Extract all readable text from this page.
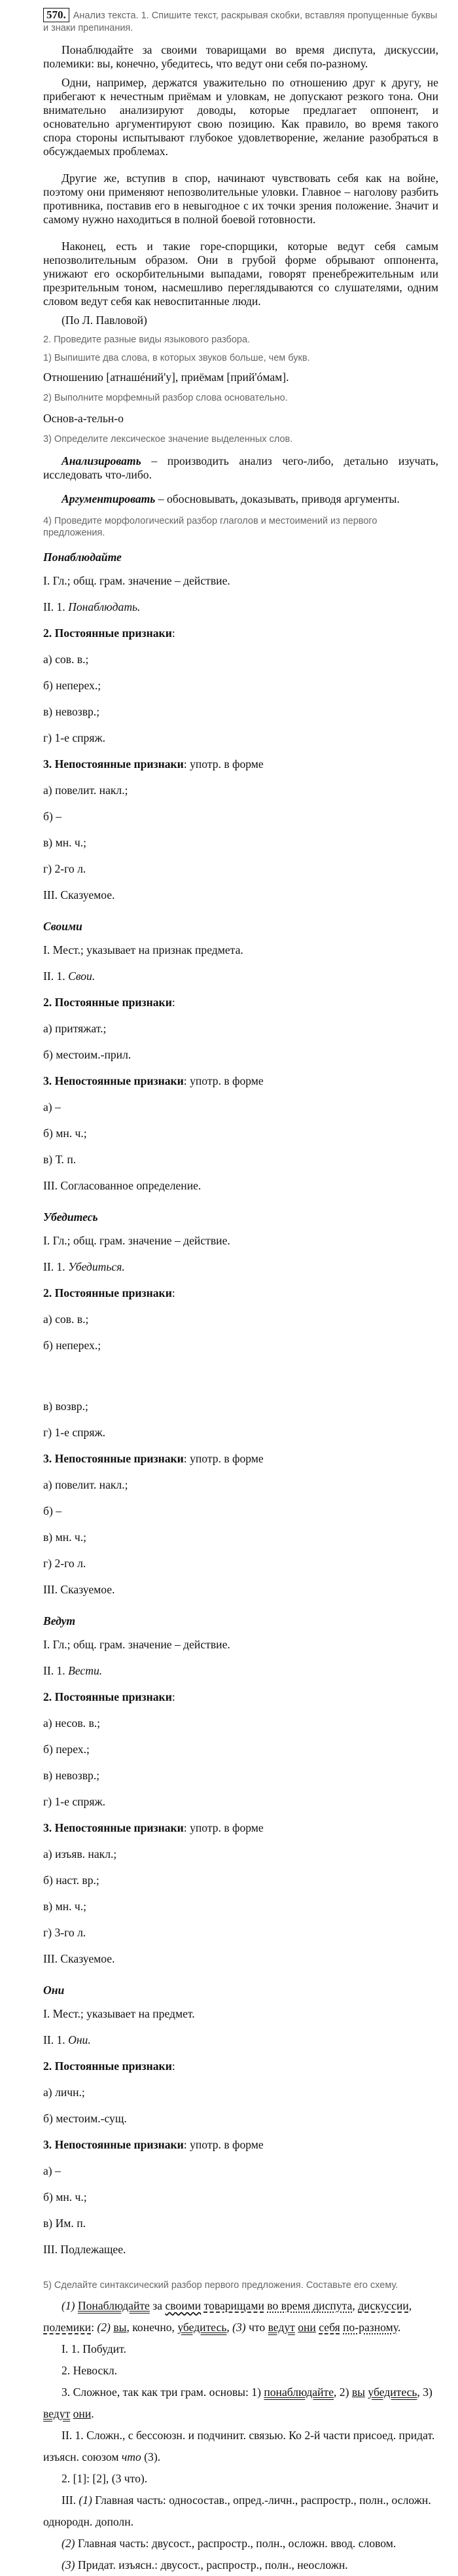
570. Анализ текста. 1. Спишите текст, раскрывая скобки, вставляя пропущенные буквы и знаки препинания.

Понаблюдайте за своими товарищами во время диспута, дискуссии, полемики: вы, конечно, убедитесь, что ведут они себя по-разному.

Одни, например, держатся уважительно по отношению друг к другу, не прибегают к нечестным приёмам и уловкам, не допускают резкого тона. Они внимательно анализируют доводы, которые предлагает оппонент, и основательно аргументируют свою позицию. Как правило, во время такого спора стороны испытывают глубокое удовлетворение, желание разобраться в обсуждаемых проблемах.

Другие же, вступив в спор, начинают чувствовать себя как на войне, поэтому они применяют непозволительные уловки. Главное – наголову разбить противника, поставив его в невыгодное с их точки зрения положение. Значит и самому нужно находиться в полной боевой готовности.

Наконец, есть и такие горе-спорщики, которые ведут себя самым непозволительным образом. Они в грубой форме обрывают оппонента, унижают его оскорбительными выпадами, говорят пренебрежительным или презрительным тоном, насмешливо переглядываются со слушателями, одним словом ведут себя как невоспитанные люди.

(По Л. Павловой)

2. Проведите разные виды языкового разбора.

1) Выпишите два слова, в которых звуков больше, чем букв.

Отношению [атнашéний'у], приёмам [прий'óмам].

2) Выполните морфемный разбор слова основательно.

Основ-а-тельн-о

3) Определите лексическое значение выделенных слов.

Анализировать – производить анализ чего-либо, детально изучать, исследовать что-либо.

Аргументировать – обосновывать, доказывать, приводя аргументы.

4) Проведите морфологический разбор глаголов и местоимений из первого предложения.

Понаблюдайте

I. Гл.; общ. грам. значение – действие.

II. 1. Понаблюдать.

2. Постоянные признаки:

а) сов. в.;

б) неперех.;

в) невозвр.;

г) 1-е спряж.

3. Непостоянные признаки: употр. в форме

а) повелит. накл.;

б) –

в) мн. ч.;

г) 2-го л.

III. Сказуемое.

Своими

I. Мест.; указывает на признак предмета.

II. 1. Свои.

2. Постоянные признаки:

а) притяжат.;

б) местоим.-прил.

3. Непостоянные признаки: употр. в форме

а) –

б) мн. ч.;

в) Т. п.

III. Согласованное определение.

Убедитесь

I. Гл.; общ. грам. значение – действие.

II. 1. Убедиться.

2. Постоянные признаки:

а) сов. в.;

б) неперех.;

в) возвр.;

г) 1-е спряж.

3. Непостоянные признаки: употр. в форме

а) повелит. накл.;

б) –

в) мн. ч.;

г) 2-го л.

III. Сказуемое.

Ведут

I. Гл.; общ. грам. значение – действие.

II. 1. Вести.

2. Постоянные признаки:

а) несов. в.;

б) перех.;

в) невозвр.;

г) 1-е спряж.

3. Непостоянные признаки: употр. в форме

а) изъяв. накл.;

б) наст. вр.;

в) мн. ч.;

г) 3-го л.

III. Сказуемое.

Они

I. Мест.; указывает на предмет.

II. 1. Они.

2. Постоянные признаки:

а) личн.;

б) местоим.-сущ.

3. Непостоянные признаки: употр. в форме

а) –

б) мн. ч.;

в) Им. п.

III. Подлежащее.

5) Сделайте синтаксический разбор первого предложения. Составьте его схему.

(1) Понаблюдайте за своими товарищами во время диспута, дискуссии, полемики: (2) вы, конечно, убедитесь, (3) что ведут они себя по-разному.

I. 1. Побудит.

2. Невоскл.

3. Сложное, так как три грам. основы: 1) понаблюдайте, 2) вы убедитесь, 3) ведут они.

II. 1. Сложн., с бессоюзн. и подчинит. связью. Ко 2-й части присоед. придат. изъясн. союзом что (3).

2. [1]: [2], (3 что).

III. (1) Главная часть: односостав., опред.-личн., распростр., полн., осложн. однородн. дополн.

(2) Главная часть: двусост., распростр., полн., осложн. ввод. словом.

(3) Придат. изъясн.: двусост., распростр., полн., неосложн.
